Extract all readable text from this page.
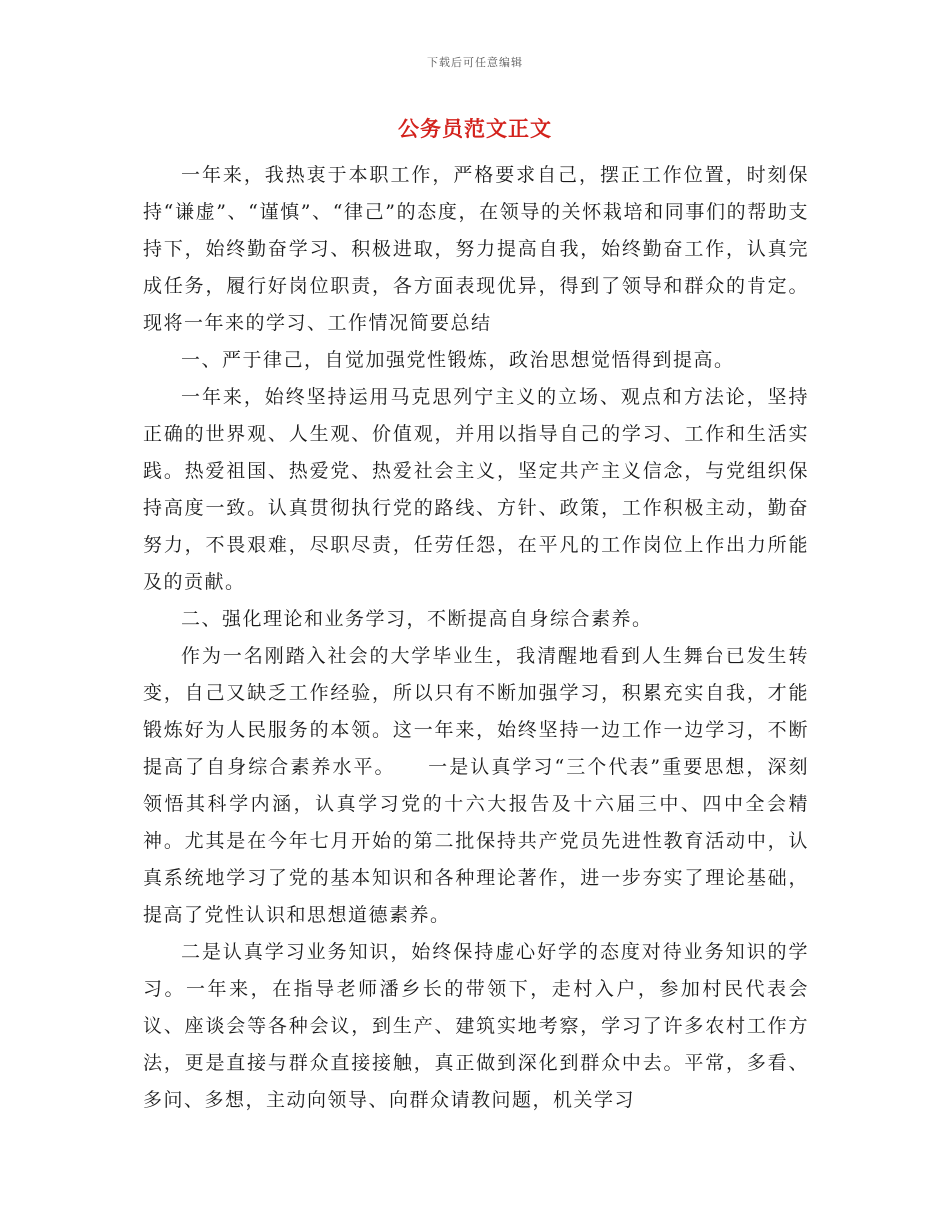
下载后可任意编辑
公务员范文正文

一年来，我热衷于本职工作，严格要求自己，摆正工作位置，时刻保持“谦虚”、“谨慎”、“律己”的态度，在领导的关怀栽培和同事们的帮助支持下，始终勤奋学习、积极进取，努力提高自我，始终勤奋工作，认真完成任务，履行好岗位职责，各方面表现优异，得到了领导和群众的肯定。现将一年来的学习、工作情况简要总结

一、严于律己，自觉加强党性锻炼，政治思想觉悟得到提高。

一年来，始终坚持运用马克思列宁主义的立场、观点和方法论，坚持正确的世界观、人生观、价值观，并用以指导自己的学习、工作和生活实践。热爱祖国、热爱党、热爱社会主义，坚定共产主义信念，与党组织保持高度一致。认真贯彻执行党的路线、方针、政策，工作积极主动，勤奋努力，不畏艰难，尽职尽责，任劳任怨，在平凡的工作岗位上作出力所能及的贡献。

二、强化理论和业务学习，不断提高自身综合素养。

作为一名刚踏入社会的大学毕业生，我清醒地看到人生舞台已发生转变，自己又缺乏工作经验，所以只有不断加强学习，积累充实自我，才能锻炼好为人民服务的本领。这一年来，始终坚持一边工作一边学习，不断提高了自身综合素养水平。　　一是认真学习“三个代表”重要思想，深刻领悟其科学内涵，认真学习党的十六大报告及十六届三中、四中全会精神。尤其是在今年七月开始的第二批保持共产党员先进性教育活动中，认真系统地学习了党的基本知识和各种理论著作，进一步夯实了理论基础，提高了党性认识和思想道德素养。

二是认真学习业务知识，始终保持虚心好学的态度对待业务知识的学习。一年来，在指导老师潘乡长的带领下，走村入户，参加村民代表会议、座谈会等各种会议，到生产、建筑实地考察，学习了许多农村工作方法，更是直接与群众直接接触，真正做到深化到群众中去。平常，多看、多问、多想，主动向领导、向群众请教问题，机关学习
